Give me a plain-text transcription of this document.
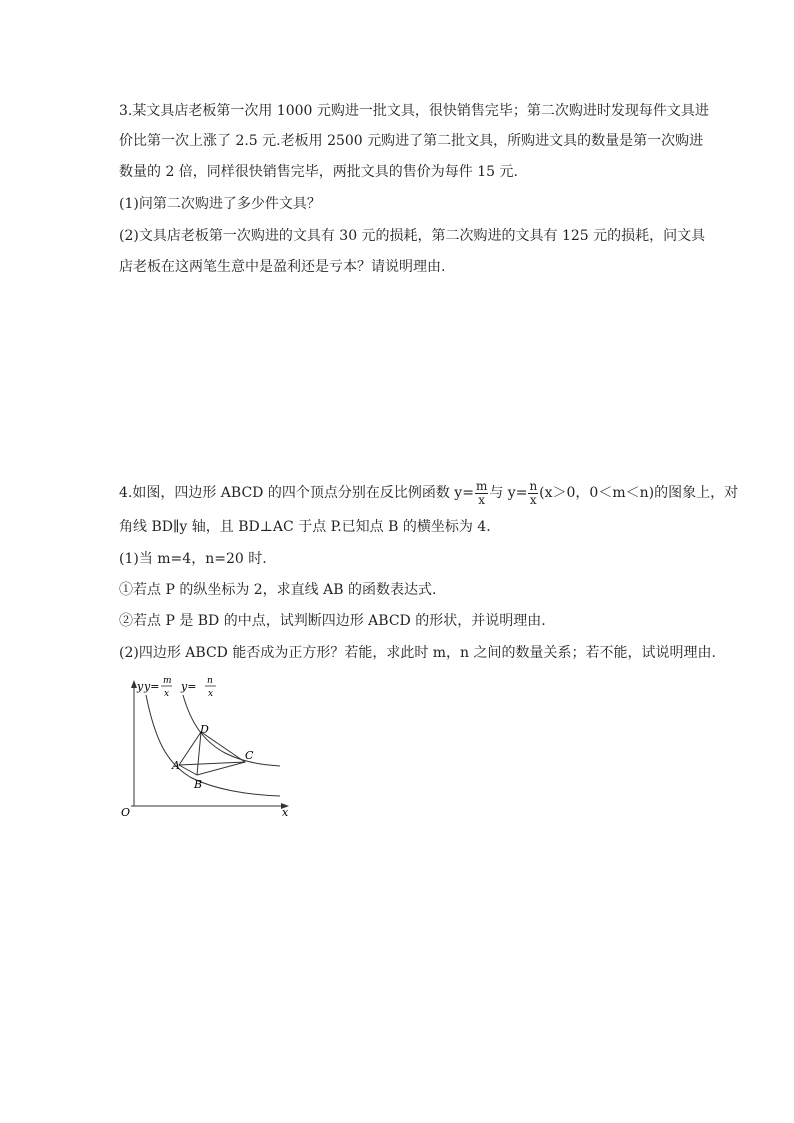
3.某文具店老板第一次用 1000 元购进一批文具，很快销售完毕；第二次购进时发现每件文具进
价比第一次上涨了 2.5 元.老板用 2500 元购进了第二批文具，所购进文具的数量是第一次购进
数量的 2 倍，同样很快销售完毕，两批文具的售价为每件 15 元.
(1)问第二次购进了多少件文具？
(2)文具店老板第一次购进的文具有 30 元的损耗，第二次购进的文具有 125 元的损耗，问文具
店老板在这两笔生意中是盈利还是亏本？请说明理由.
4.如图，四边形 ABCD 的四个顶点分别在反比例函数 $y= \frac{m}{x}$ 与 $y= \frac{n}{x} (x>0$，0＜m＜n)的图象上，对
角线 BD∥y 轴，且 BD⊥AC 于点 P.已知点 B 的横坐标为 4.
(1)当 m=4，n=20 时.
①若点 P 的纵坐标为 2，求直线 AB 的函数表达式.
②若点 P 是 BD 的中点，试判断四边形 ABCD 的形状，并说明理由.
(2)四边形 ABCD 能否成为正方形？若能，求此时 m，n 之间的数量关系；若不能，试说明理由.
y y= m
x
y= n
x
D
A
C
B
O	x
